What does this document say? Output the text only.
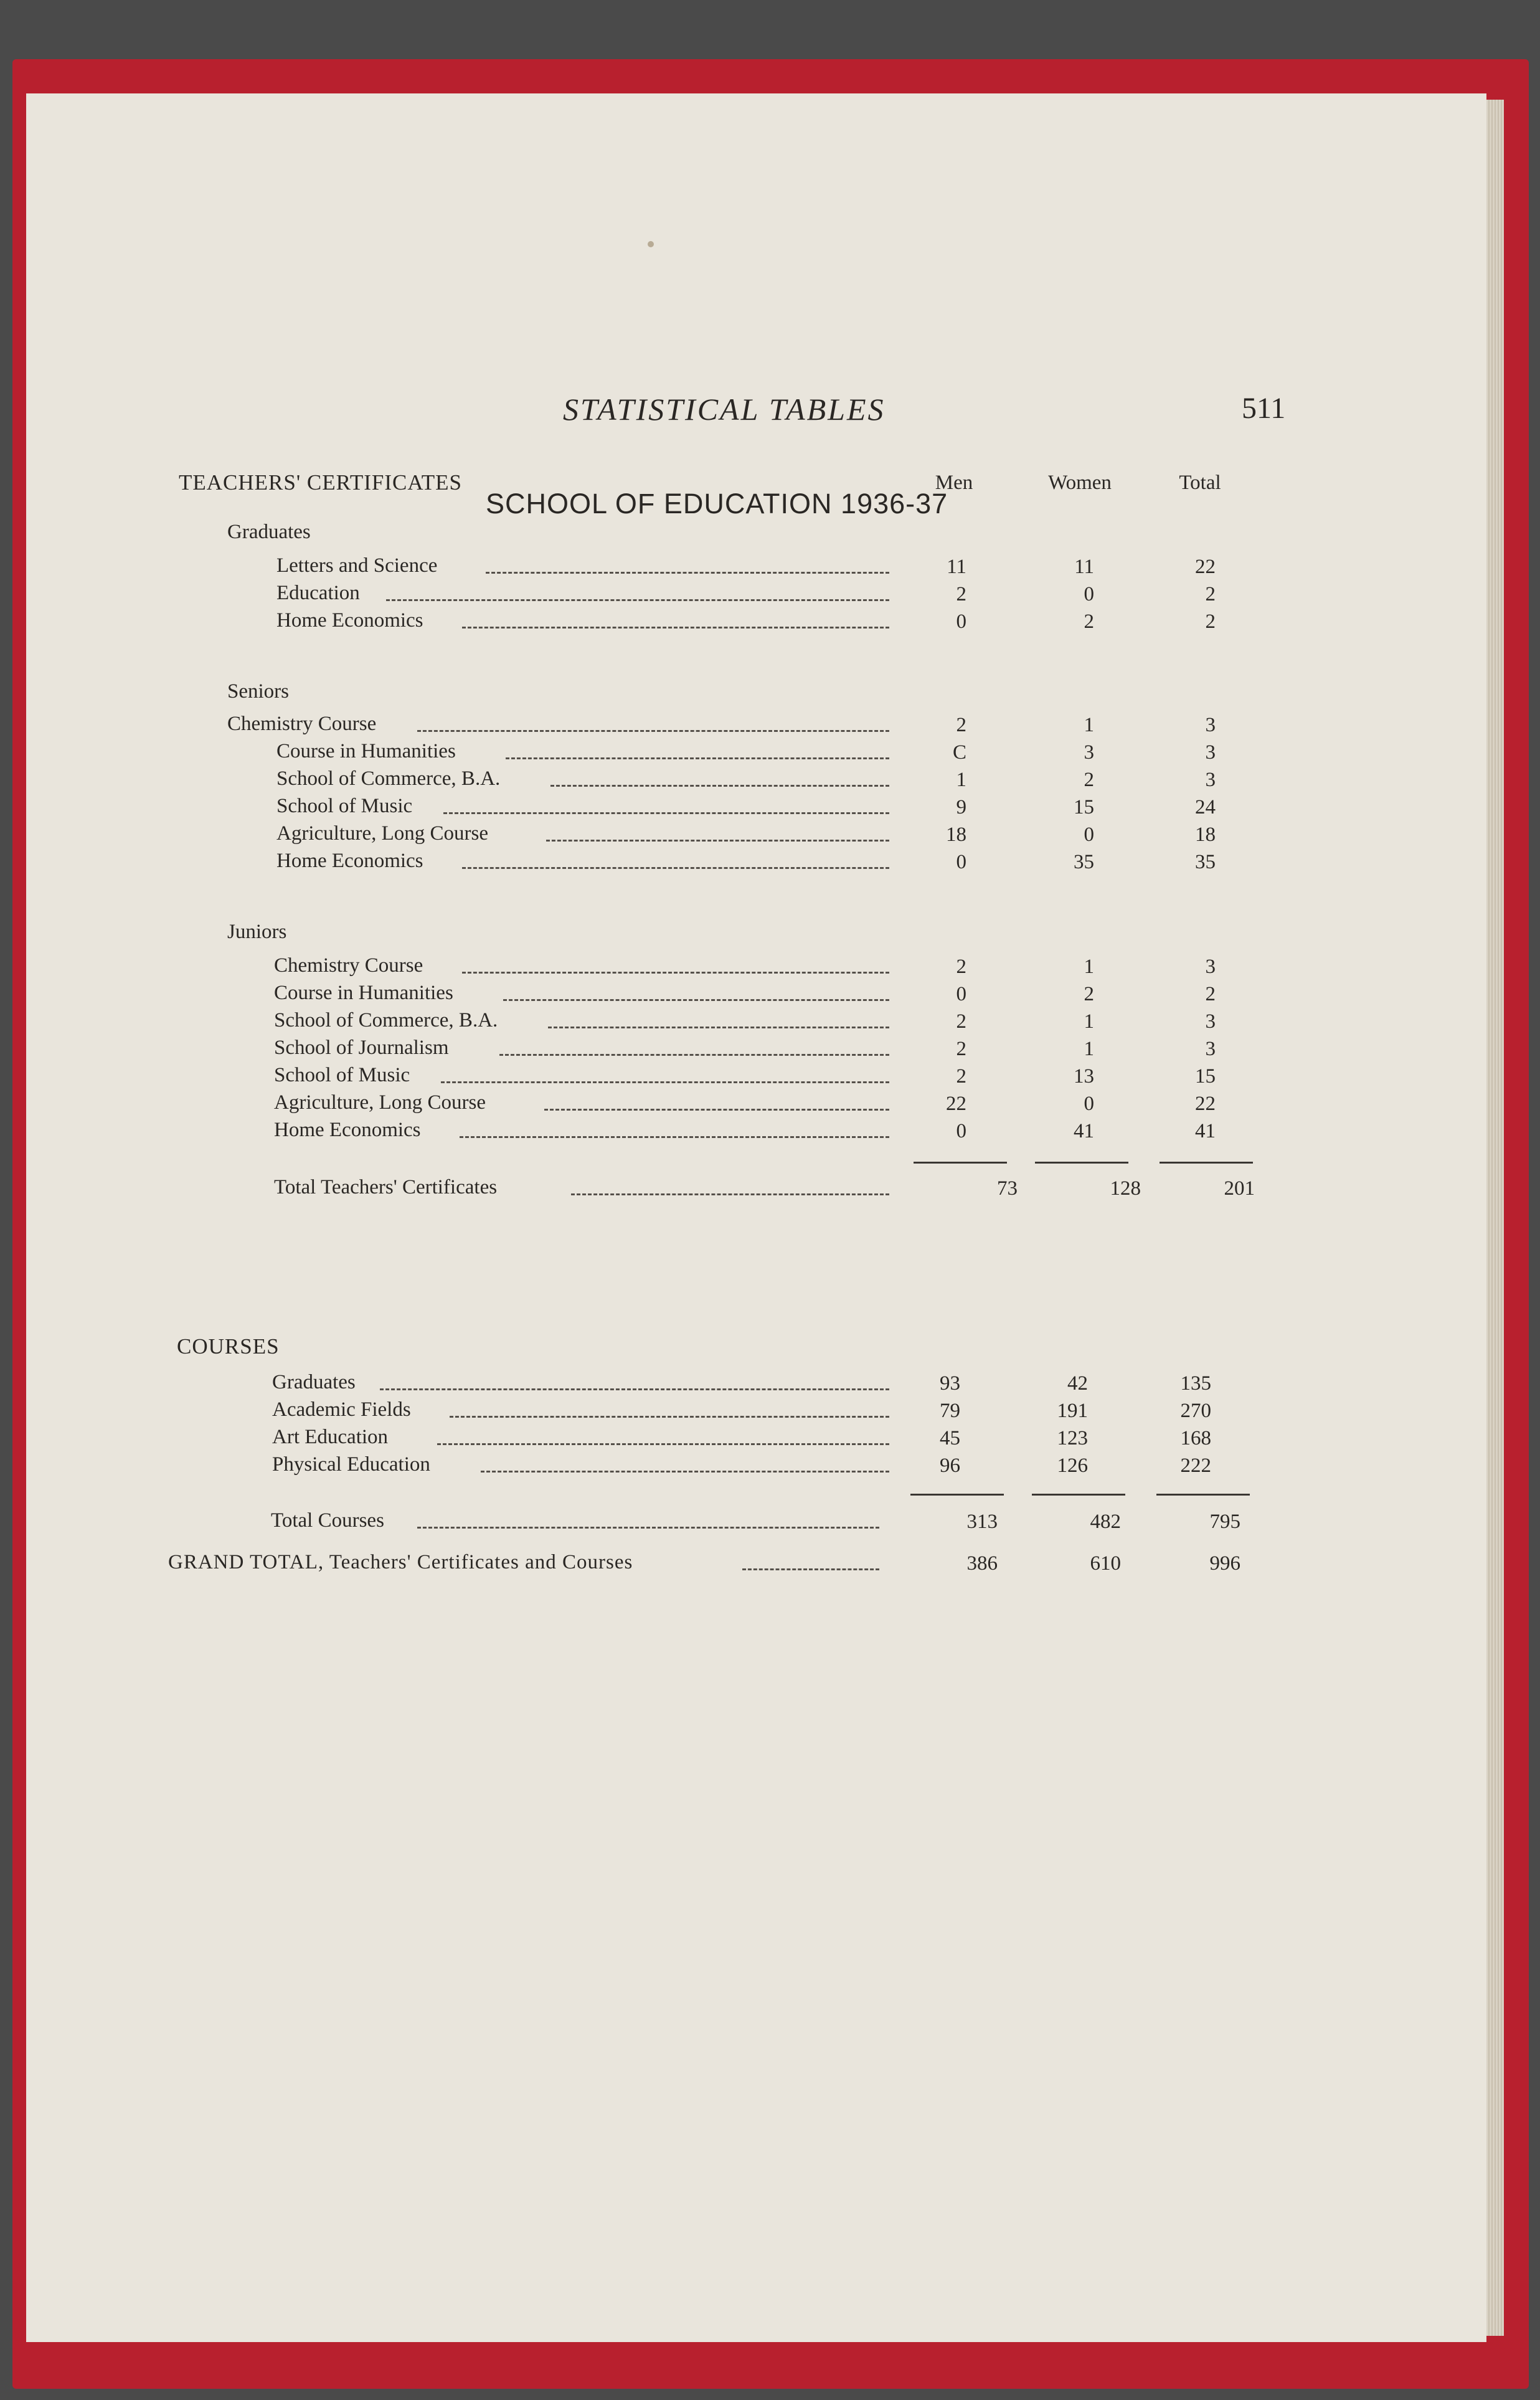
STATISTICAL TABLES	511
SCHOOL OF EDUCATION 1936-37
TEACHERS' CERTIFICATES	Men	Women	Total
Graduates
Letters and Science	11	11	22
Education	2	0	2
Home Economics	0	2	2
Seniors
Chemistry Course	2	1	3
Course in Humanities	C	3	3
School of Commerce, B.A.	1	2	3
School of Music	9	15	24
Agriculture, Long Course	18	0	18
Home Economics	0	35	35
Juniors
Chemistry Course	2	1	3
Course in Humanities	0	2	2
School of Commerce, B.A.	2	1	3
School of Journalism	2	1	3
School of Music	2	13	15
Agriculture, Long Course	22	0	22
Home Economics	0	41	41
Total Teachers' Certificates	73	128	201
COURSES
Graduates	93	42	135
Academic Fields	79	191	270
Art Education	45	123	168
Physical Education	96	126	222
Total Courses	313	482	795
GRAND TOTAL, Teachers' Certificates and Courses	386	610	996
